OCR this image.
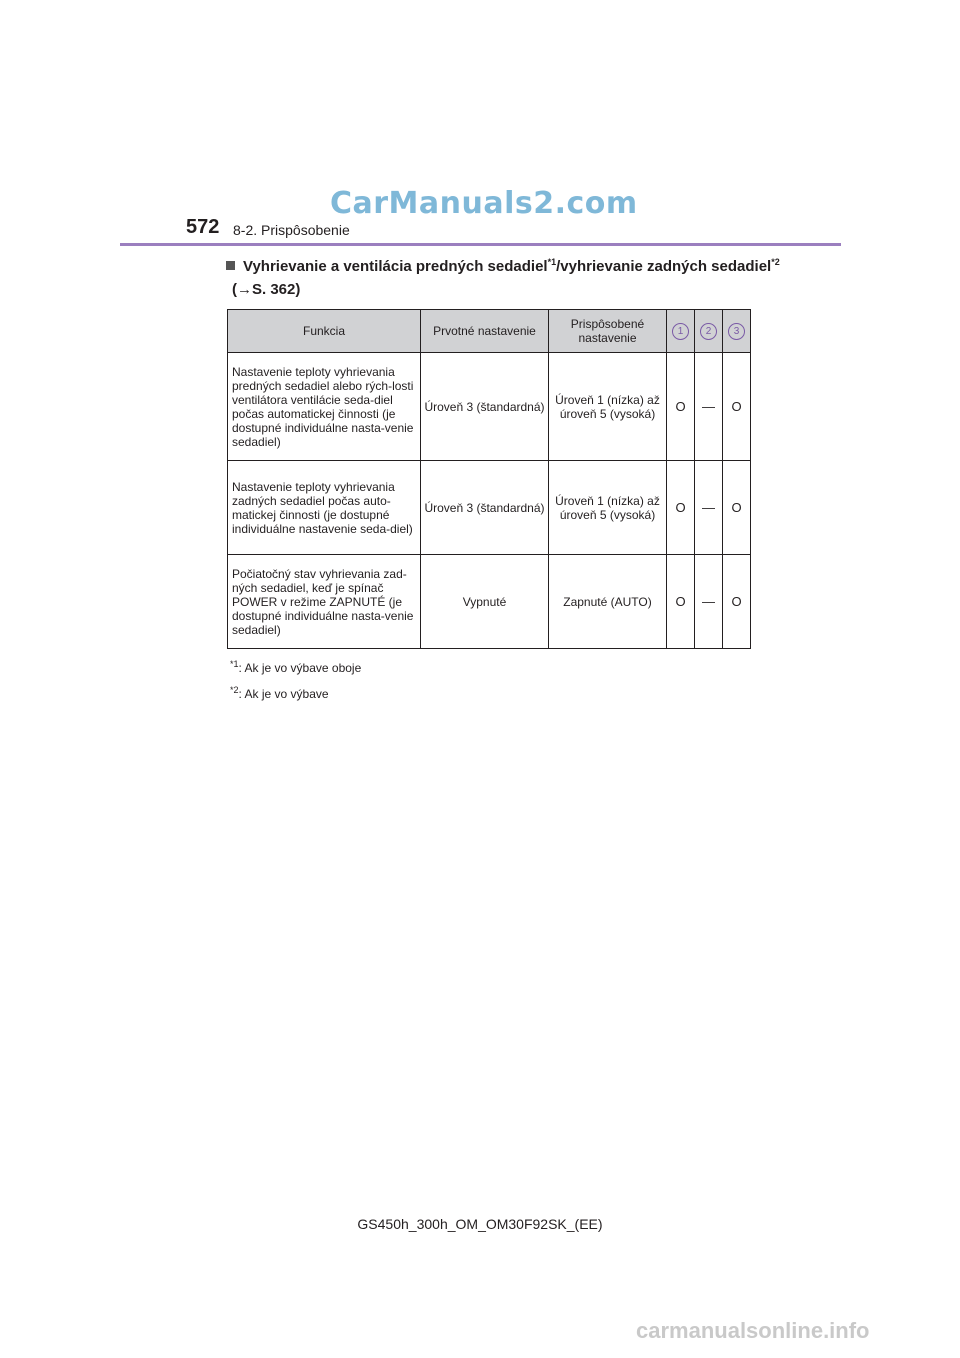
CarManuals2.com
572 8-2. Prispôsobenie
Vyhrievanie a ventilácia predných sedadiel$^{*1}$/vyhrievanie zadných sedadiel$^{*2}$
(→S. 362)
Funkcia	Prvotné nastavenie	Prispôsobené nastavenie	1	2	3
Nastavenie teploty vyhrievania predných sedadiel alebo rých-losti ventilátora ventilácie seda-diel počas automatickej činnosti (je dostupné individuálne nasta-venie sedadiel)	Úroveň 3 (štandardná)	Úroveň 1 (nízka) až úroveň 5 (vysoká)	O	—	O
Nastavenie teploty vyhrievania zadných sedadiel počas auto-matickej činnosti (je dostupné individuálne nastavenie seda-diel)	Úroveň 3 (štandardná)	Úroveň 1 (nízka) až úroveň 5 (vysoká)	O	—	O
Počiatočný stav vyhrievania zad-ných sedadiel, keď je spínač POWER v režime ZAPNUTÉ (je dostupné individuálne nasta-venie sedadiel)	Vypnuté	Zapnuté (AUTO)	O	—	O
$^{*1}$: Ak je vo výbave oboje
$^{*2}$: Ak je vo výbave
GS450h_300h_OM_OM30F92SK_(EE)
carmanualsonline.info
